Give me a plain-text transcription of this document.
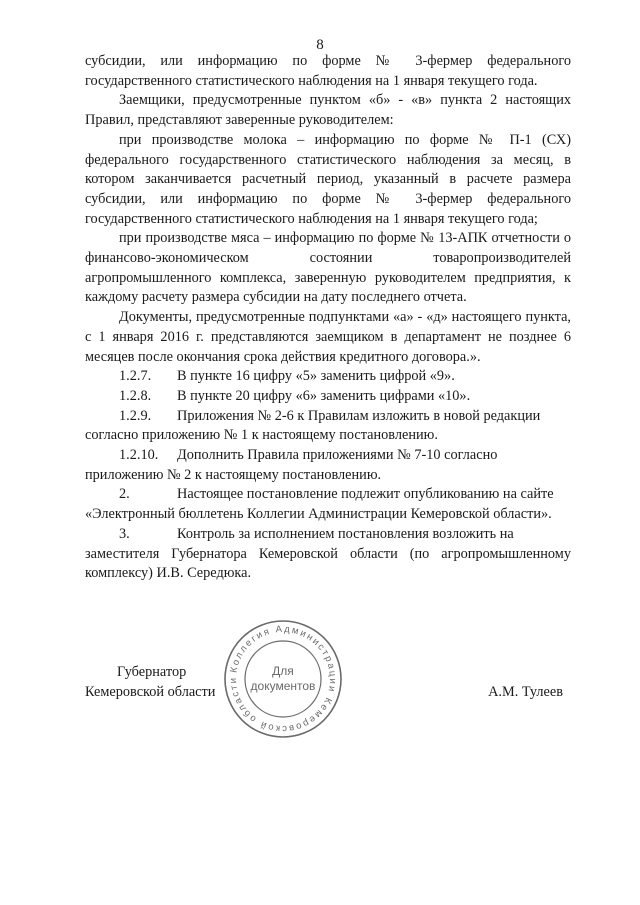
8

субсидии, или информацию по форме № 3-фермер федерального государственного статистического наблюдения на 1 января текущего года.

Заемщики, предусмотренные пунктом «б» - «в» пункта 2 настоящих Правил, представляют заверенные руководителем:

при производстве молока – информацию по форме № П-1 (СХ) федерального государственного статистического наблюдения за месяц, в котором заканчивается расчетный период, указанный в расчете размера субсидии, или информацию по форме № 3-фермер федерального государственного статистического наблюдения на 1 января текущего года;

при производстве мяса – информацию по форме № 13-АПК отчетности о финансово-экономическом состоянии товаропроизводителей агропромышленного комплекса, заверенную руководителем предприятия, к каждому расчету размера субсидии на дату последнего отчета.

Документы, предусмотренные подпунктами «а» - «д» настоящего пункта, с 1 января 2016 г. представляются заемщиком в департамент не позднее 6 месяцев после окончания срока действия кредитного договора.».

1.2.7.	В пункте 16 цифру «5» заменить цифрой «9».
1.2.8.	В пункте 20 цифру «6» заменить цифрами «10».
1.2.9.	Приложения № 2-6 к Правилам изложить в новой редакции

согласно приложению № 1 к настоящему постановлению.

1.2.10.	Дополнить Правила приложениями № 7-10 согласно

приложению № 2 к настоящему постановлению.

2.	Настоящее постановление подлежит опубликованию на сайте

«Электронный бюллетень Коллегии Администрации Кемеровской области».

3.	Контроль за исполнением постановления возложить на

заместителя Губернатора Кемеровской области (по агропромышленному комплексу) И.В. Середюка.

Губернатор
Кемеровской области	А.М. Тулеев
Коллегия Администрации Кемеровской области
Для
документов
